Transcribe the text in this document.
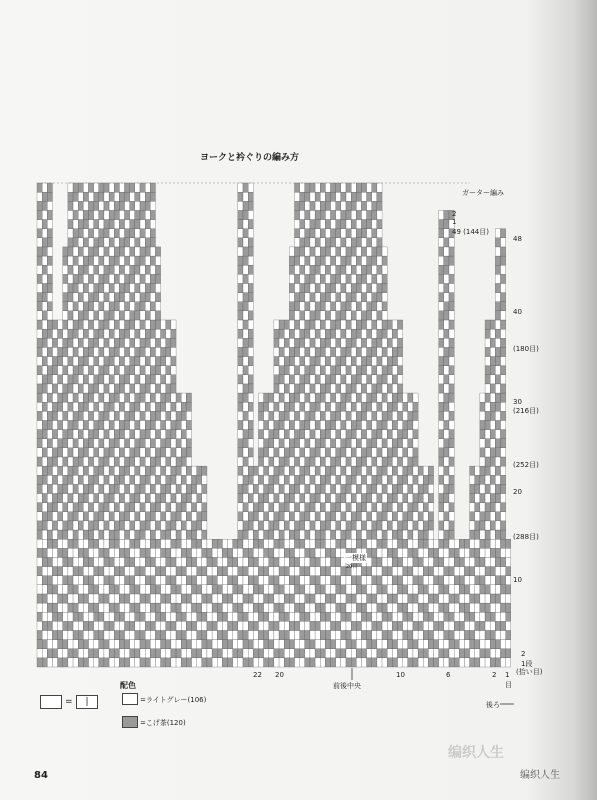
ヨークと衿ぐりの編み方
ガーター編み
2
1
49 (144目)
48
40
(180目)
30
(216目)
(252目)
20
(288目)
10
2
1段
(拾い目)
22 20	10	6	2 1
目
前後中央
後ろ
一模様
20目
配色
=	|	=ライトグレー(106)
=こげ茶(120)
84
编织人生
编织人生
